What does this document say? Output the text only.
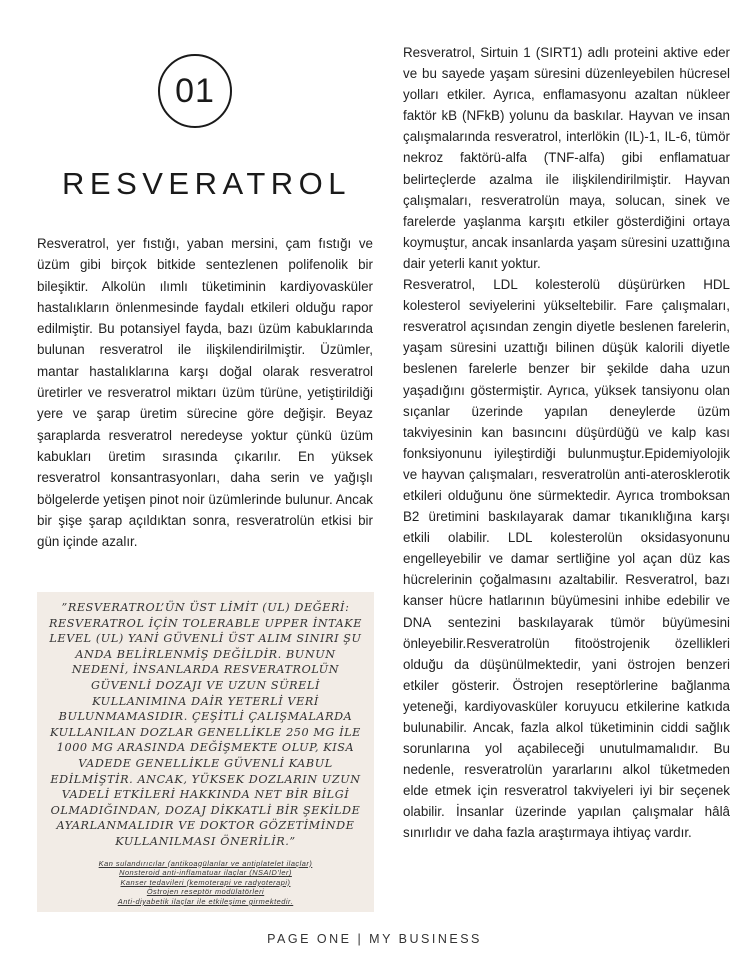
01
RESVERATROL

Resveratrol, yer fıstığı, yaban mersini, çam fıstığı ve üzüm gibi birçok bitkide sentezlenen polifenolik bir bileşiktir. Alkolün ılımlı tüketiminin kardiyovasküler hastalıkların önlenmesinde faydalı etkileri olduğu rapor edilmiştir. Bu potansiyel fayda, bazı üzüm kabuklarında bulunan resveratrol ile ilişkilendirilmiştir. Üzümler, mantar hastalıklarına karşı doğal olarak resveratrol üretirler ve resveratrol miktarı üzüm türüne, yetiştirildiği yere ve şarap üretim sürecine göre değişir. Beyaz şaraplarda resveratrol neredeyse yoktur çünkü üzüm kabukları üretim sırasında çıkarılır. En yüksek resveratrol konsantrasyonları, daha serin ve yağışlı bölgelerde yetişen pinot noir üzümlerinde bulunur. Ancak bir şişe şarap açıldıktan sonra, resveratrolün etkisi bir gün içinde azalır.

”RESVERATROL’ÜN ÜST LİMİT (UL) DEĞERİ: RESVERATROL İÇİN TOLERABLE UPPER İNTAKE LEVEL (UL) YANİ GÜVENLİ ÜST ALIM SINIRI ŞU ANDA BELİRLENMİŞ DEĞİLDİR. BUNUN NEDENİ, İNSANLARDA RESVERATROLÜN GÜVENLİ DOZAJI VE UZUN SÜRELİ KULLANIMINA DAİR YETERLİ VERİ BULUNMAMASIDIR. ÇEŞİTLİ ÇALIŞMALARDA KULLANILAN DOZLAR GENELLİKLE 250 MG İLE 1000 MG ARASINDA DEĞİŞMEKTE OLUP, KISA VADEDE GENELLİKLE GÜVENLİ KABUL EDİLMİŞTİR. ANCAK, YÜKSEK DOZLARIN UZUN VADELİ ETKİLERİ HAKKINDA NET BİR BİLGİ OLMADIĞINDAN, DOZAJ DİKKATLİ BİR ŞEKİLDE AYARLANMALIDIR VE DOKTOR GÖZETİMİNDE KULLANILMASI ÖNERİLİR.”

Kan sulandırıcılar (antikoagülanlar ve antiplatelet ilaçlar)
Nonsteroid anti-inflamatuar ilaçlar (NSAID'ler)
Kanser tedavileri (kemoterapi ve radyoterapi)
Östrojen reseptör modülatörleri
Anti-diyabetik ilaçlar ile etkileşime girmektedir.

Resveratrol, Sirtuin 1 (SIRT1) adlı proteini aktive eder ve bu sayede yaşam süresini düzenleyebilen hücresel yolları etkiler. Ayrıca, enflamasyonu azaltan nükleer faktör kB (NFkB) yolunu da baskılar. Hayvan ve insan çalışmalarında resveratrol, interlökin (IL)-1, IL-6, tümör nekroz faktörü-alfa (TNF-alfa) gibi enflamatuar belirteçlerde azalma ile ilişkilendirilmiştir. Hayvan çalışmaları, resveratrolün maya, solucan, sinek ve farelerde yaşlanma karşıtı etkiler gösterdiğini ortaya koymuştur, ancak insanlarda yaşam süresini uzattığına dair yeterli kanıt yoktur.

Resveratrol, LDL kolesterolü düşürürken HDL kolesterol seviyelerini yükseltebilir. Fare çalışmaları, resveratrol açısından zengin diyetle beslenen farelerin, yaşam süresini uzattığı bilinen düşük kalorili diyetle beslenen farelerle benzer bir şekilde daha uzun yaşadığını göstermiştir. Ayrıca, yüksek tansiyonu olan sıçanlar üzerinde yapılan deneylerde üzüm takviyesinin kan basıncını düşürdüğü ve kalp kası fonksiyonunu iyileştirdiği bulunmuştur.Epidemiyolojik ve hayvan çalışmaları, resveratrolün anti-aterosklerotik etkileri olduğunu öne sürmektedir. Ayrıca tromboksan B2 üretimini baskılayarak damar tıkanıklığına karşı etkili olabilir. LDL kolesterolün oksidasyonunu engelleyebilir ve damar sertliğine yol açan düz kas hücrelerinin çoğalmasını azaltabilir. Resveratrol, bazı kanser hücre hatlarının büyümesini inhibe edebilir ve DNA sentezini baskılayarak tümör büyümesini önleyebilir.Resveratrolün fitoöstrojenik özellikleri olduğu da düşünülmektedir, yani östrojen benzeri etkiler gösterir. Östrojen reseptörlerine bağlanma yeteneği, kardiyovasküler koruyucu etkilerine katkıda bulunabilir. Ancak, fazla alkol tüketiminin ciddi sağlık sorunlarına yol açabileceği unutulmamalıdır. Bu nedenle, resveratrolün yararlarını alkol tüketmeden elde etmek için resveratrol takviyeleri iyi bir seçenek olabilir. İnsanlar üzerinde yapılan çalışmalar hâlâ sınırlıdır ve daha fazla araştırmaya ihtiyaç vardır.

PAGE ONE | MY BUSINESS
